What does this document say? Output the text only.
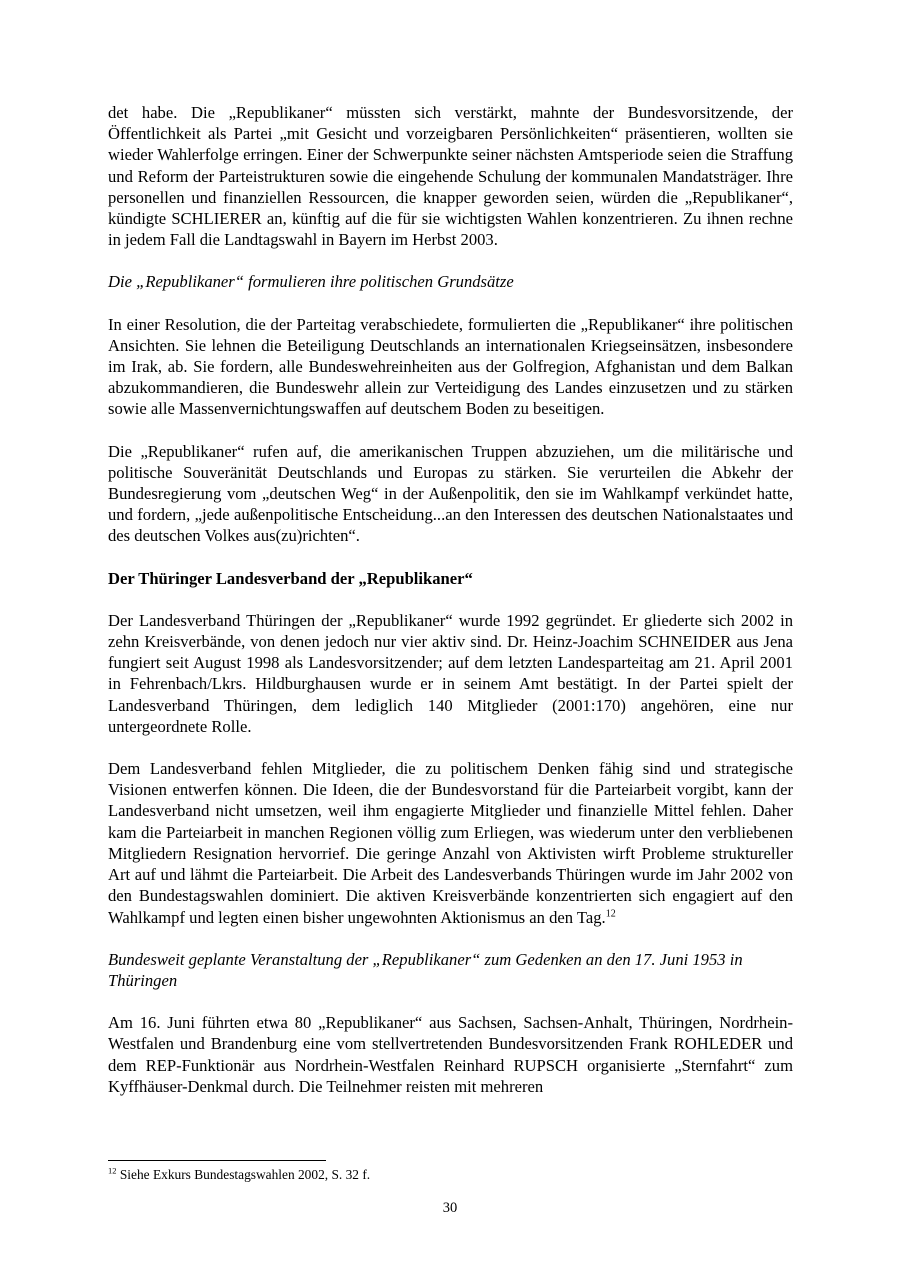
det habe. Die „Republikaner“ müssten sich verstärkt, mahnte der Bundesvorsitzende, der Öffentlichkeit als Partei „mit Gesicht und vorzeigbaren Persönlichkeiten“ präsentieren, wollten sie wieder Wahlerfolge erringen. Einer der Schwerpunkte seiner nächsten Amtsperiode seien die Straffung und Reform der Parteistrukturen sowie die eingehende Schulung der kommunalen Mandatsträger. Ihre personellen und finanziellen Ressourcen, die knapper geworden seien, würden die „Republikaner“, kündigte SCHLIERER an, künftig auf die für sie wichtigsten Wahlen konzentrieren. Zu ihnen rechne in jedem Fall die Landtagswahl in Bayern im Herbst 2003.

Die „Republikaner“ formulieren ihre politischen Grundsätze

In einer Resolution, die der Parteitag verabschiedete, formulierten die „Republikaner“ ihre politischen Ansichten. Sie lehnen die Beteiligung Deutschlands an internationalen Kriegseinsätzen, insbesondere im Irak, ab. Sie fordern, alle Bundeswehreinheiten aus der Golfregion, Afghanistan und dem Balkan abzukommandieren, die Bundeswehr allein zur Verteidigung des Landes einzusetzen und zu stärken sowie alle Massenvernichtungswaffen auf deutschem Boden zu beseitigen.

Die „Republikaner“ rufen auf, die amerikanischen Truppen abzuziehen, um die militärische und politische Souveränität Deutschlands und Europas zu stärken. Sie verurteilen die Abkehr der Bundesregierung vom „deutschen Weg“ in der Außenpolitik, den sie im Wahlkampf verkündet hatte, und fordern, „jede außenpolitische Entscheidung...an den Interessen des deutschen Nationalstaates und des deutschen Volkes aus(zu)richten“.

Der Thüringer Landesverband der „Republikaner“

Der Landesverband Thüringen der „Republikaner“ wurde 1992 gegründet. Er gliederte sich 2002 in zehn Kreisverbände, von denen jedoch nur vier aktiv sind. Dr. Heinz-Joachim SCHNEIDER aus Jena fungiert seit August 1998 als Landesvorsitzender; auf dem letzten Landesparteitag am 21. April 2001 in Fehrenbach/Lkrs. Hildburghausen wurde er in seinem Amt bestätigt. In der Partei spielt der Landesverband Thüringen, dem lediglich 140 Mitglieder (2001:170) angehören, eine nur untergeordnete Rolle.

Dem Landesverband fehlen Mitglieder, die zu politischem Denken fähig sind und strategische Visionen entwerfen können. Die Ideen, die der Bundesvorstand für die Parteiarbeit vorgibt, kann der Landesverband nicht umsetzen, weil ihm engagierte Mitglieder und finanzielle Mittel fehlen. Daher kam die Parteiarbeit in manchen Regionen völlig zum Erliegen, was wiederum unter den verbliebenen Mitgliedern Resignation hervorrief. Die geringe Anzahl von Aktivisten wirft Probleme struktureller Art auf und lähmt die Parteiarbeit. Die Arbeit des Landesverbands Thüringen wurde im Jahr 2002 von den Bundestagswahlen dominiert. Die aktiven Kreisverbände konzentrierten sich engagiert auf den Wahlkampf und legten einen bisher ungewohnten Aktionismus an den Tag.$^{12}$

Bundesweit geplante Veranstaltung der „Republikaner“ zum Gedenken an den 17. Juni 1953 in Thüringen

Am 16. Juni führten etwa 80 „Republikaner“ aus Sachsen, Sachsen-Anhalt, Thüringen, Nordrhein-Westfalen und Brandenburg eine vom stellvertretenden Bundesvorsitzenden Frank ROHLEDER und dem REP-Funktionär aus Nordrhein-Westfalen Reinhard RUPSCH organisierte „Sternfahrt“ zum Kyffhäuser-Denkmal durch. Die Teilnehmer reisten mit mehreren

$^{12}$ Siehe Exkurs Bundestagswahlen 2002, S. 32 f.
30
